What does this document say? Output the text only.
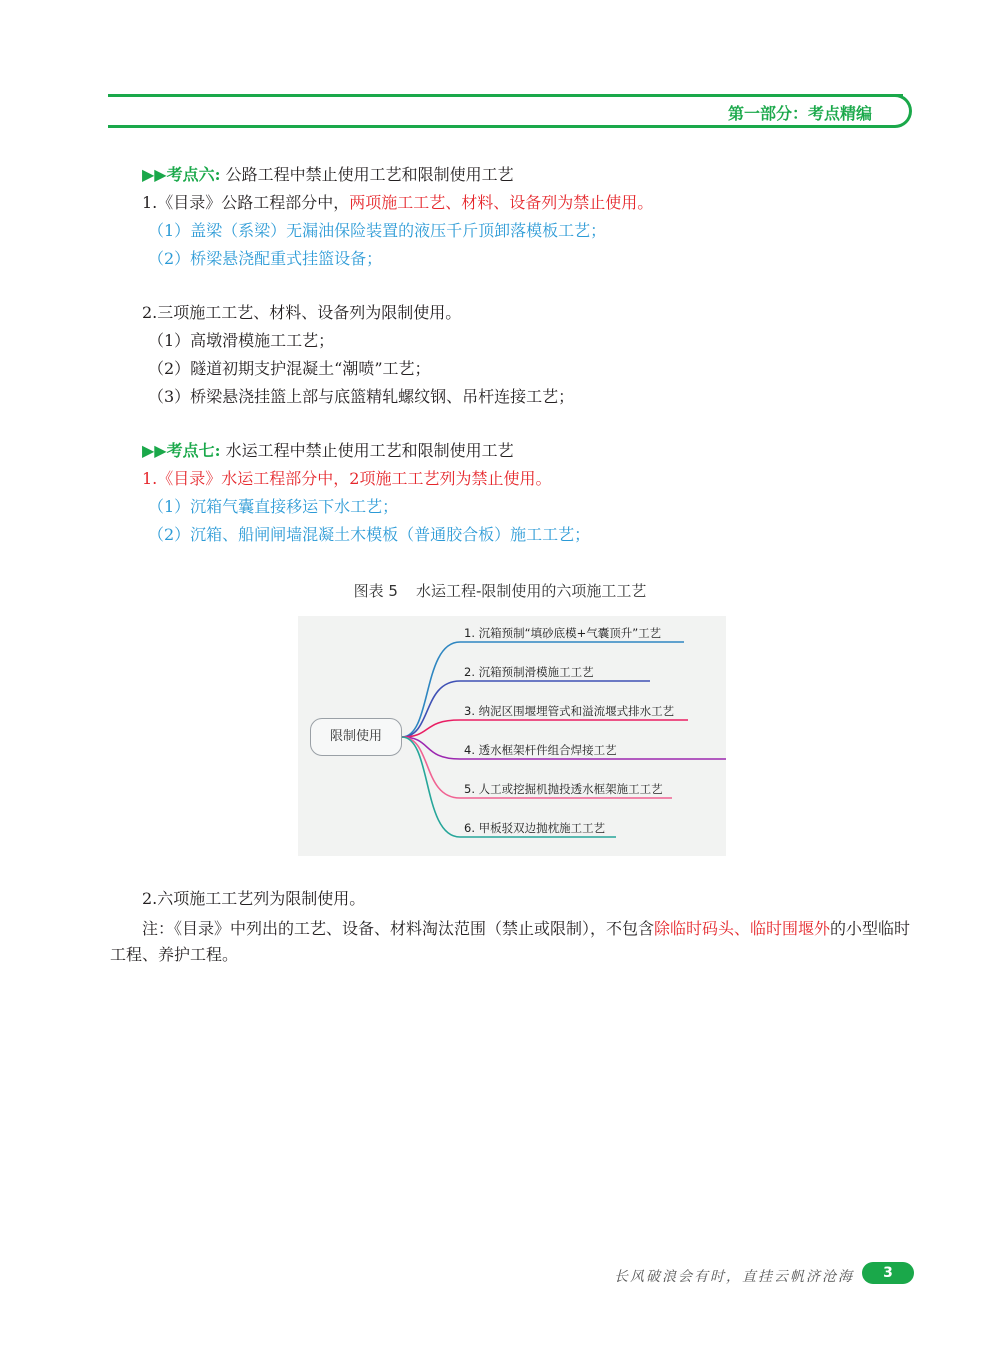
第一部分：考点精编
▶▶考点六: 公路工程中禁止使用工艺和限制使用工艺
1.《目录》公路工程部分中，两项施工工艺、材料、设备列为禁止使用。
（1）盖梁（系梁）无漏油保险装置的液压千斤顶卸落模板工艺；
（2）桥梁悬浇配重式挂篮设备；
2.三项施工工艺、材料、设备列为限制使用。
（1）高墩滑模施工工艺；
（2）隧道初期支护混凝土“潮喷”工艺；
（3）桥梁悬浇挂篮上部与底篮精轧螺纹钢、吊杆连接工艺；
▶▶考点七: 水运工程中禁止使用工艺和限制使用工艺
1.《目录》水运工程部分中，2项施工工艺列为禁止使用。
（1）沉箱气囊直接移运下水工艺；
（2）沉箱、船闸闸墙混凝土木模板（普通胶合板）施工工艺；
图表 5 水运工程-限制使用的六项施工工艺
限制使用
1. 沉箱预制“填砂底模+气囊顶升”工艺
2. 沉箱预制滑模施工工艺
3. 纳泥区围堰埋管式和溢流堰式排水工艺
4. 透水框架杆件组合焊接工艺
5. 人工或挖掘机抛投透水框架施工工艺
6. 甲板驳双边抛枕施工工艺
2.六项施工工艺列为限制使用。
注：《目录》中列出的工艺、设备、材料淘汰范围（禁止或限制），不包含除临时码头、临时围堰外的小型临时工程、养护工程。
长风破浪会有时，直挂云帆济沧海	3
